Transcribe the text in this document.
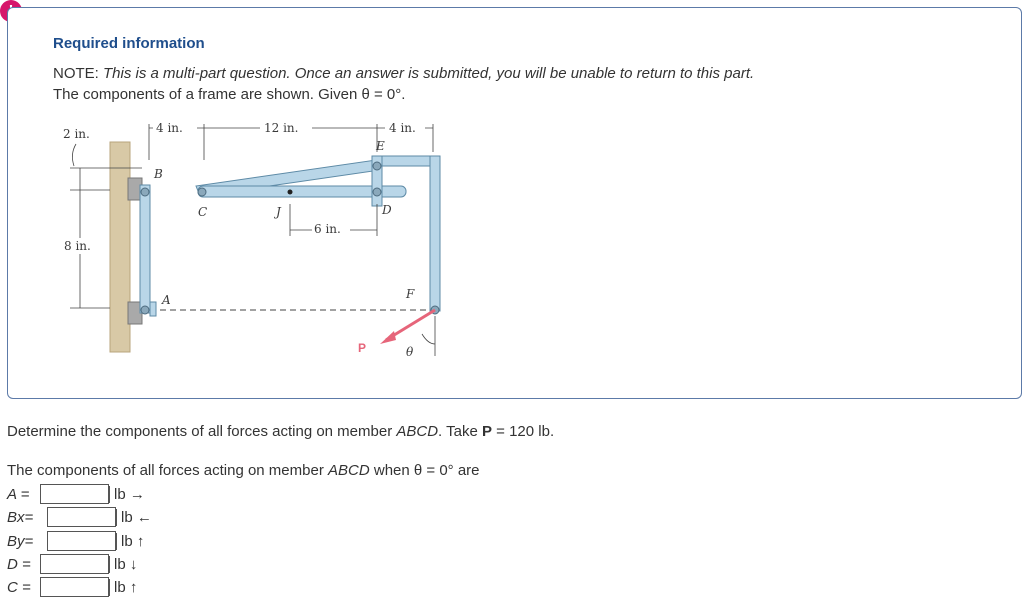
Required information
NOTE: This is a multi-part question. Once an answer is submitted, you will be unable to return to this part.
The components of a frame are shown. Given θ = 0°.
4 in.	12 in.	4 in.
2 in.
8 in.
B
C	D
E
A	F
J
6 in.
P	θ
Determine the components of all forces acting on member ABCD. Take P = 120 lb.
The components of all forces acting on member ABCD when θ = 0° are
A =	lb →
Bx=	lb ←
By=	lb ↑
D =	lb ↓
C =	lb ↑
